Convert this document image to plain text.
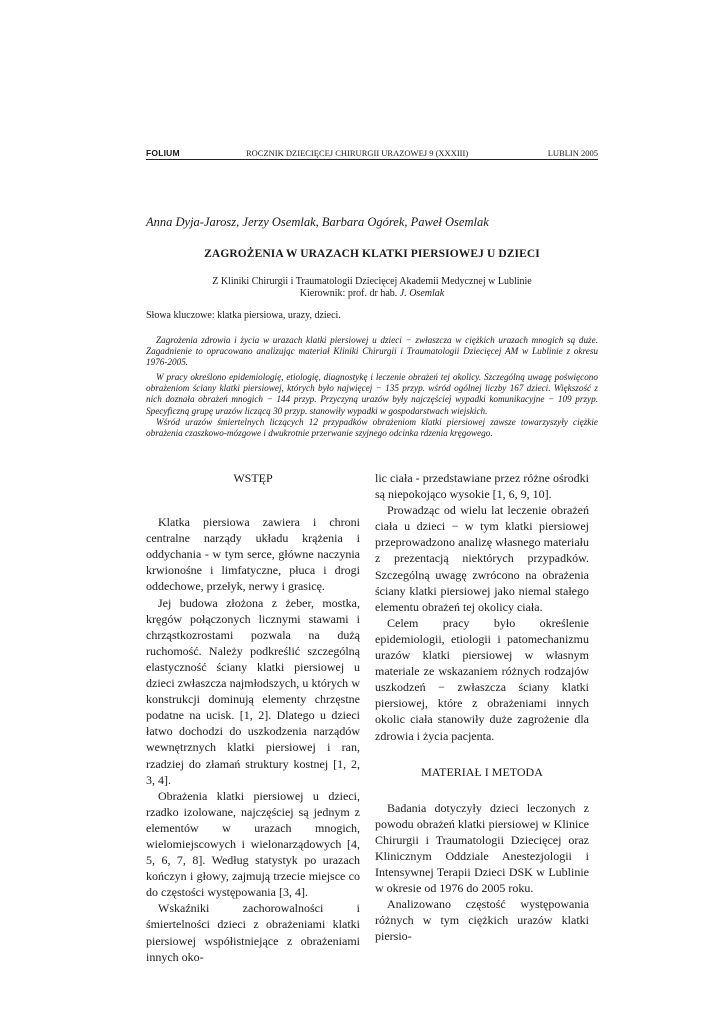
FOLIUM	ROCZNIK DZIECIĘCEJ CHIRURGII URAZOWEJ 9 (XXXIII)	LUBLIN 2005
Anna Dyja-Jarosz, Jerzy Osemlak, Barbara Ogórek, Paweł Osemlak
ZAGROŻENIA W URAZACH KLATKI PIERSIOWEJ U DZIECI
Z Kliniki Chirurgii i Traumatologii Dziecięcej Akademii Medycznej w Lublinie
Kierownik: prof. dr hab. J. Osemlak
Słowa kluczowe: klatka piersiowa, urazy, dzieci.

Zagrożenia zdrowia i życia w urazach klatki piersiowej u dzieci − zwłaszcza w ciężkich urazach mnogich są duże. Zagadnienie to opracowano analizując materiał Kliniki Chirurgii i Traumatologii Dziecięcej AM w Lublinie z okresu 1976-2005.

W pracy określono epidemiologię, etiologię, diagnostykę i leczenie obrażeń tej okolicy. Szczególną uwagę poświęcono obrażeniom ściany klatki piersiowej, których było najwięcej − 135 przyp. wśród ogólnej liczby 167 dzieci. Większość z nich doznała obrażeń mnogich − 144 przyp. Przyczyną urazów były najczęściej wypadki komunikacyjne − 109 przyp. Specyficzną grupę urazów liczącą 30 przyp. stanowiły wypadki w gospodarstwach wiejskich.

Wśród urazów śmiertelnych liczących 12 przypadków obrażeniom klatki piersiowej zawsze towarzyszyły ciężkie obrażenia czaszkowo-mózgowe i dwukrotnie przerwanie szyjnego odcinka rdzenia kręgowego.

WSTĘP

Klatka piersiowa zawiera i chroni centralne narządy układu krążenia i oddychania - w tym serce, główne naczynia krwionośne i limfatyczne, płuca i drogi oddechowe, przełyk, nerwy i grasicę.

Jej budowa złożona z żeber, mostka, kręgów połączonych licznymi stawami i chrząstkozrostami pozwala na dużą ruchomość. Należy podkreślić szczególną elastyczność ściany klatki piersiowej u dzieci zwłaszcza najmłodszych, u których w konstrukcji dominują elementy chrzęstne podatne na ucisk. [1, 2]. Dlatego u dzieci łatwo dochodzi do uszkodzenia narządów wewnętrznych klatki piersiowej i ran, rzadziej do złamań struktury kostnej [1, 2, 3, 4].

Obrażenia klatki piersiowej u dzieci, rzadko izolowane, najczęściej są jednym z elementów w urazach mnogich, wielomiejscowych i wielonarządowych [4, 5, 6, 7, 8]. Według statystyk po urazach kończyn i głowy, zajmują trzecie miejsce co do częstości występowania [3, 4].

Wskaźniki zachorowalności i śmiertelności dzieci z obrażeniami klatki piersiowej współistniejące z obrażeniami innych oko-

lic ciała - przedstawiane przez różne ośrodki są niepokojąco wysokie [1, 6, 9, 10].

Prowadząc od wielu lat leczenie obrażeń ciała u dzieci − w tym klatki piersiowej przeprowadzono analizę własnego materiału z prezentacją niektórych przypadków. Szczególną uwagę zwrócono na obrażenia ściany klatki piersiowej jako niemal stałego elementu obrażeń tej okolicy ciała.

Celem pracy było określenie epidemiologii, etiologii i patomechanizmu urazów klatki piersiowej w własnym materiale ze wskazaniem różnych rodzajów uszkodzeń − zwłaszcza ściany klatki piersiowej, które z obrażeniami innych okolic ciała stanowiły duże zagrożenie dla zdrowia i życia pacjenta.

MATERIAŁ I METODA

Badania dotyczyły dzieci leczonych z powodu obrażeń klatki piersiowej w Klinice Chirurgii i Traumatologii Dziecięcej oraz Klinicznym Oddziale Anestezjologii i Intensywnej Terapii Dzieci DSK w Lublinie w okresie od 1976 do 2005 roku.

Analizowano częstość występowania różnych w tym ciężkich urazów klatki piersio-
